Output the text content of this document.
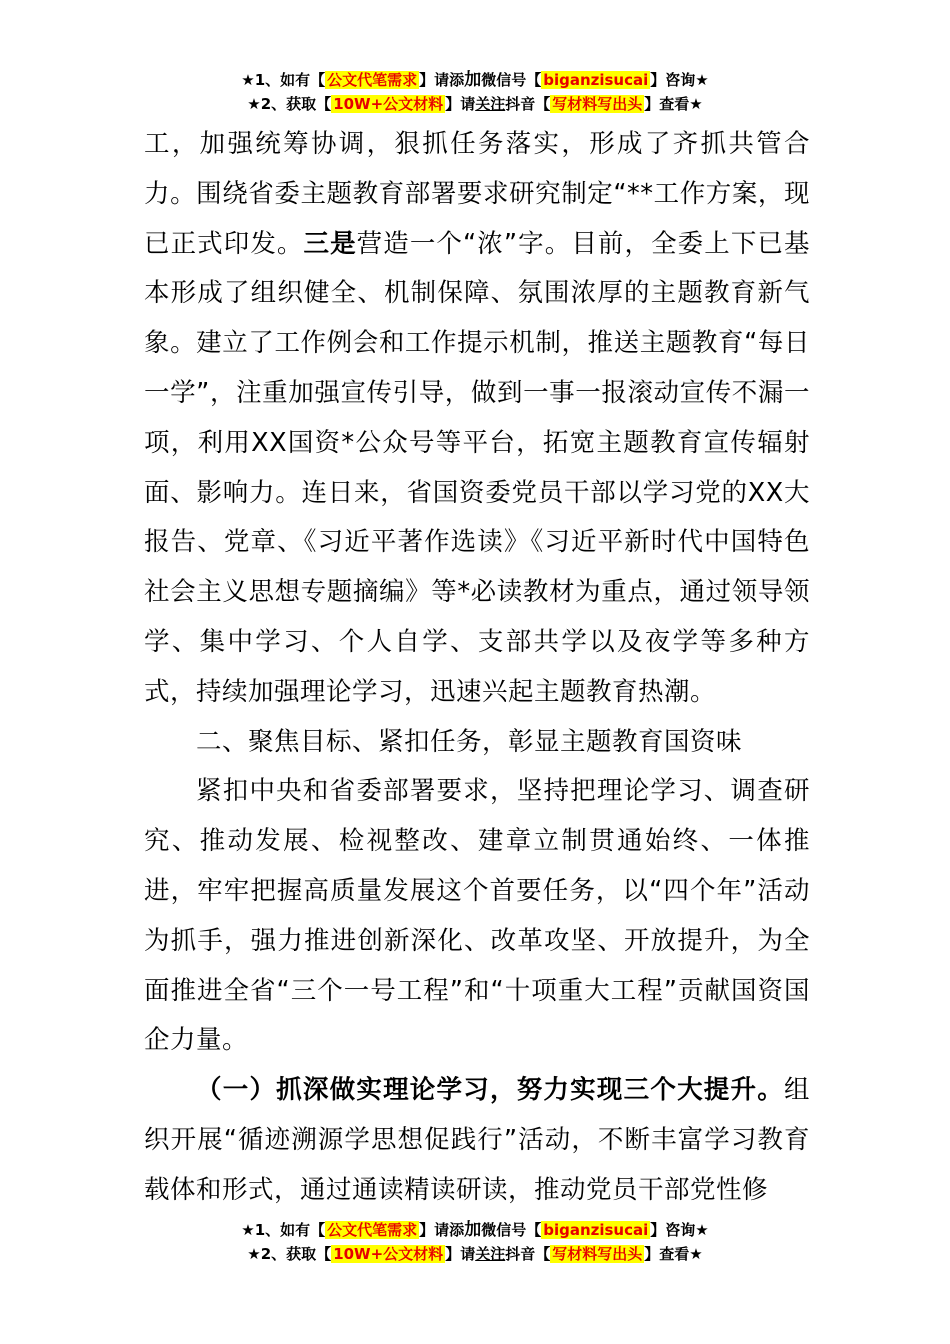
★1、如有【 公文代笔需求 】请添加微信号【 biganzisucai 】咨询★
★2、获取【 10W+公文材料 】请关注抖音【 写材料写出头 】查看★

工，加强统筹协调，狠抓任务落实，形成了齐抓共管合力。围绕省委主题教育部署要求研究制定“**工作方案，现已正式印发。三是营造一个“浓”字。目前，全委上下已基本形成了组织健全、机制保障、氛围浓厚的主题教育新气象。建立了工作例会和工作提示机制，推送主题教育“每日一学”，注重加强宣传引导，做到一事一报滚动宣传不漏一项，利用XX国资*公众号等平台，拓宽主题教育宣传辐射面、影响力。连日来，省国资委党员干部以学习党的XX大报告、党章、《习近平著作选读》《习近平新时代中国特色社会主义思想专题摘编》等*必读教材为重点，通过领导领学、集中学习、个人自学、支部共学以及夜学等多种方式，持续加强理论学习，迅速兴起主题教育热潮。

二、聚焦目标、紧扣任务，彰显主题教育国资味

紧扣中央和省委部署要求，坚持把理论学习、调查研究、推动发展、检视整改、建章立制贯通始终、一体推进，牢牢把握高质量发展这个首要任务，以“四个年”活动为抓手，强力推进创新深化、改革攻坚、开放提升，为全面推进全省“三个一号工程”和“十项重大工程”贡献国资国企力量。

（一）抓深做实理论学习，努力实现三个大提升。组织开展“循迹溯源学思想促践行”活动，不断丰富学习教育载体和形式，通过通读精读研读，推动党员干部党性修

★1、如有【 公文代笔需求 】请添加微信号【 biganzisucai 】咨询★
★2、获取【 10W+公文材料 】请关注抖音【 写材料写出头 】查看★
